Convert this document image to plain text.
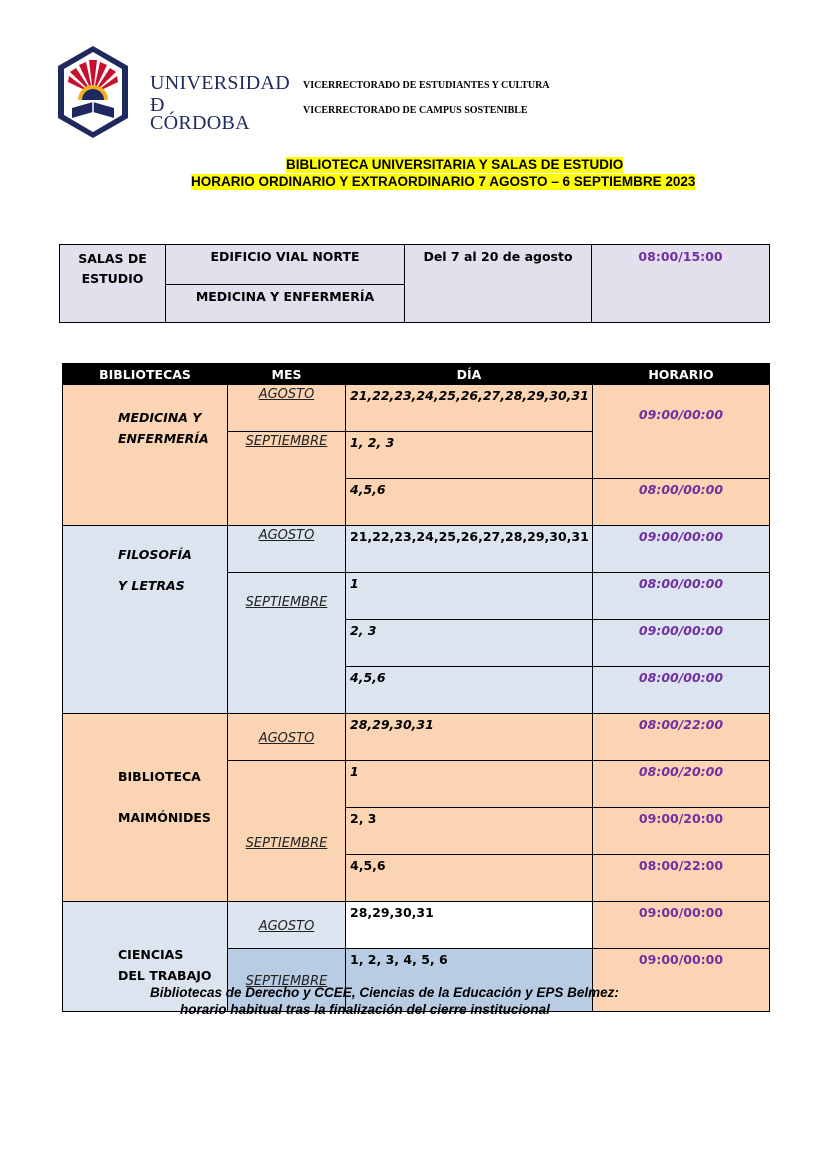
UNIVERSIDAD
Đ
CÓRDOBA
VICERRECTORADO DE ESTUDIANTES Y CULTURA
VICERRECTORADO DE CAMPUS SOSTENIBLE
BIBLIOTECA UNIVERSITARIA Y SALAS DE ESTUDIO
HORARIO ORDINARIO Y EXTRAORDINARIO 7 AGOSTO – 6 SEPTIEMBRE 2023
SALAS DE ESTUDIO	EDIFICIO VIAL NORTE	Del 7 al 20 de agosto	08:00/15:00
MEDICINA Y ENFERMERÍA
BIBLIOTECAS	MES	DÍA	HORARIO

MEDICINA Y
ENFERMERÍA	AGOSTO	21,22,23,24,25,26,27,28,29,30,31	09:00/00:00
	SEPTIEMBRE	1, 2, 3	
		4,5,6	08:00/00:00

FILOSOFÍA
Y LETRAS	AGOSTO	21,22,23,24,25,26,27,28,29,30,31	09:00/00:00
	SEPTIEMBRE	1	08:00/00:00
		2, 3	09:00/00:00
		4,5,6	08:00/00:00

BIBLIOTECA
MAIMÓNIDES	AGOSTO	28,29,30,31	08:00/22:00
	SEPTIEMBRE	1	08:00/20:00
		2, 3	09:00/20:00
		4,5,6	08:00/22:00

CIENCIAS
DEL TRABAJO	AGOSTO	28,29,30,31	09:00/00:00
	SEPTIEMBRE	1, 2, 3, 4, 5, 6	09:00/00:00
Bibliotecas de Derecho y CCEE, Ciencias de la Educación y EPS Belmez:
horario habitual tras la finalización del cierre institucional
